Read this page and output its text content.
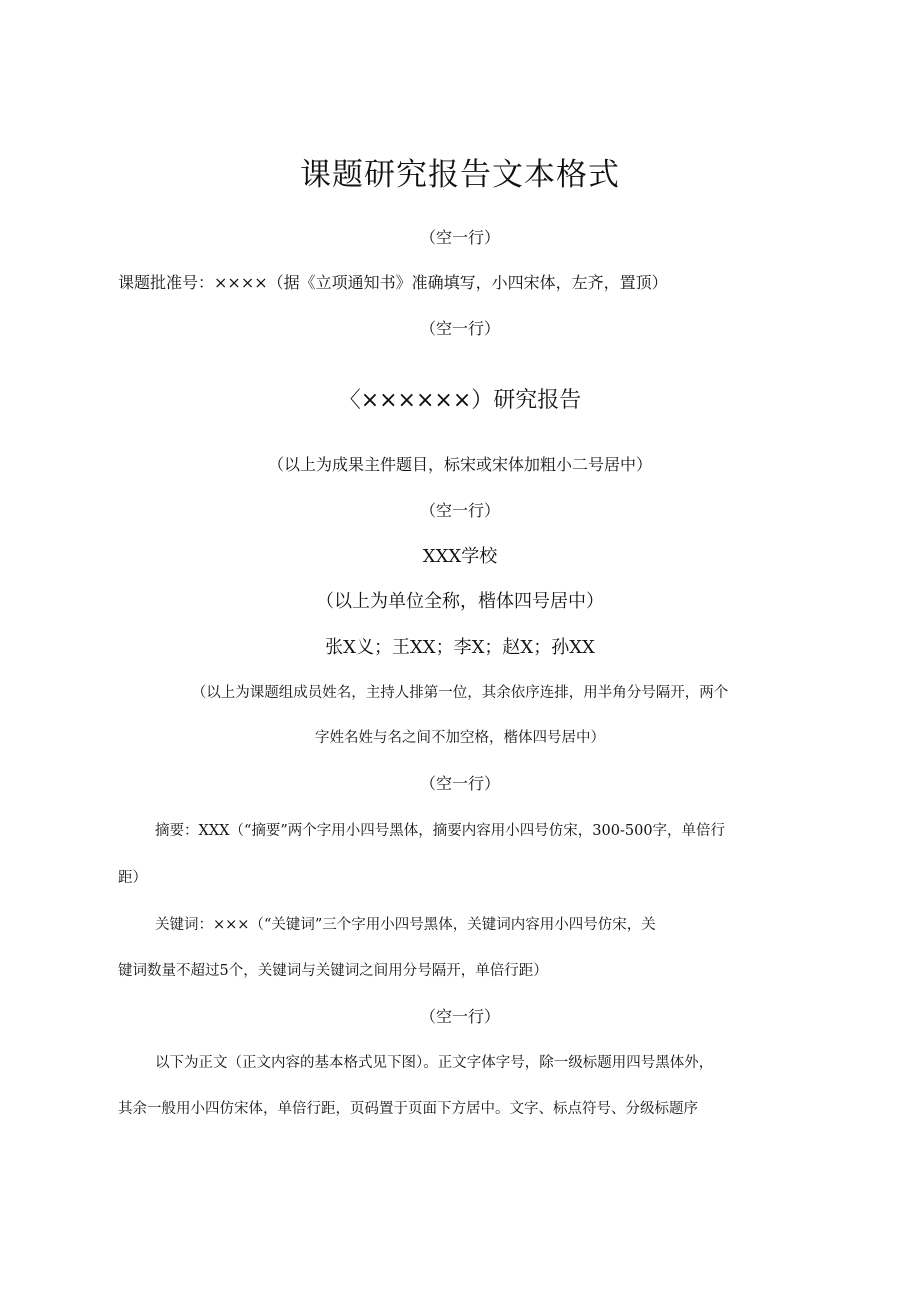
课题研究报告文本格式
（空一行）
课题批准号：××××（据《立项通知书》准确填写，小四宋体，左齐，置顶）
（空一行）
〈××××××）研究报告
（以上为成果主件题目，标宋或宋体加粗小二号居中）
（空一行）
XXX学校
（以上为单位全称，楷体四号居中）
张X义；王XX；李X；赵X；孙XX
（以上为课题组成员姓名，主持人排第一位，其余依序连排，用半角分号隔开，两个
字姓名姓与名之间不加空格，楷体四号居中）
（空一行）
摘要：XXX（“摘要”两个字用小四号黑体，摘要内容用小四号仿宋，300-500字，单倍行
距）
关键词：×××（“关键词”三个字用小四号黑体，关键词内容用小四号仿宋，关
键词数量不超过5个，关键词与关键词之间用分号隔开，单倍行距）
（空一行）
以下为正文（正文内容的基本格式见下图）。正文字体字号，除一级标题用四号黑体外，
其余一般用小四仿宋体，单倍行距，页码置于页面下方居中。文字、标点符号、分级标题序
